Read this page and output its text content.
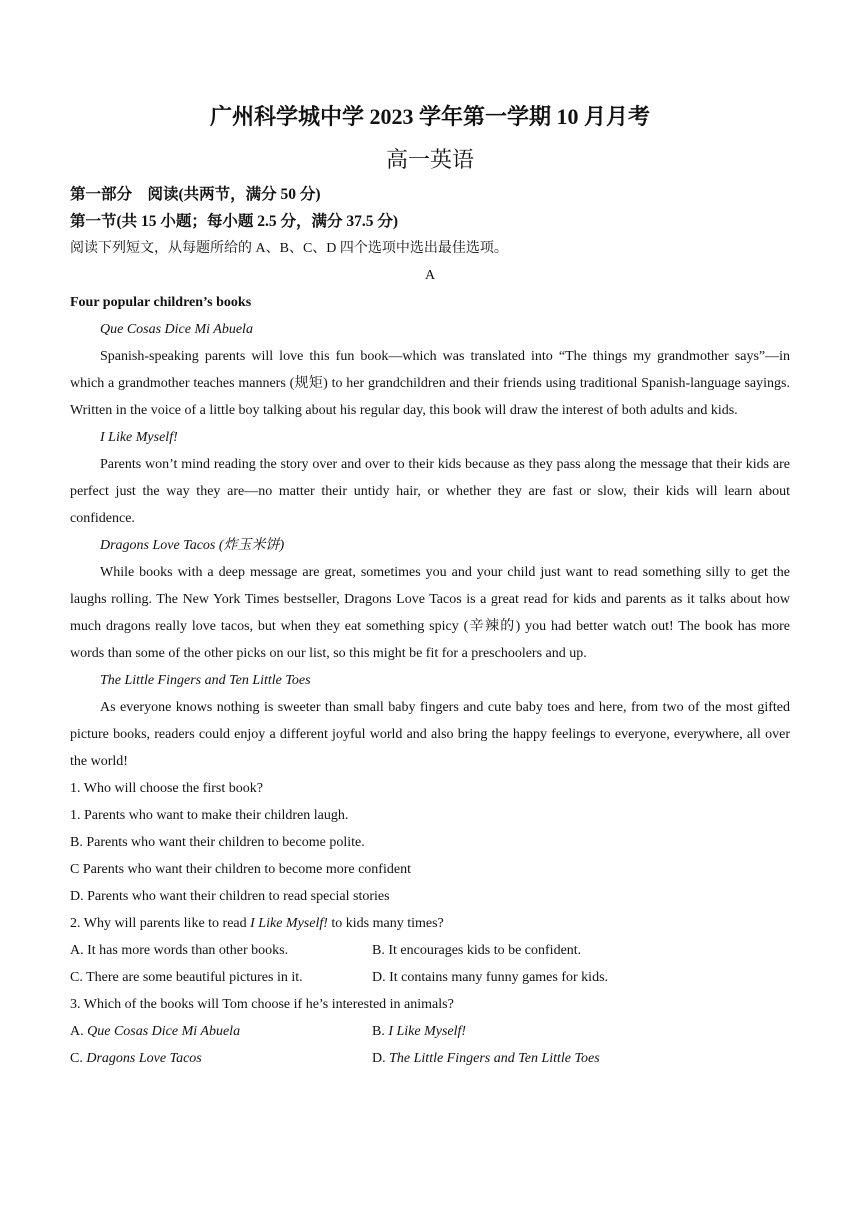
广州科学城中学 2023 学年第一学期 10 月月考
高一英语
第一部分　阅读(共两节，满分 50 分)
第一节(共 15 小题；每小题 2.5 分，满分 37.5 分)
阅读下列短文，从每题所给的 A、B、C、D 四个选项中选出最佳选项。
A
Four popular children’s books
Que Cosas Dice Mi Abuela
Spanish-speaking parents will love this fun book—which was translated into “The things my grandmother says”—in which a grandmother teaches manners (规矩) to her grandchildren and their friends using traditional Spanish-language sayings. Written in the voice of a little boy talking about his regular day, this book will draw the interest of both adults and kids.
I Like Myself!
Parents won’t mind reading the story over and over to their kids because as they pass along the message that their kids are perfect just the way they are—no matter their untidy hair, or whether they are fast or slow, their kids will learn about confidence.
Dragons Love Tacos (炸玉米饼)
While books with a deep message are great, sometimes you and your child just want to read something silly to get the laughs rolling. The New York Times bestseller, Dragons Love Tacos is a great read for kids and parents as it talks about how much dragons really love tacos, but when they eat something spicy (辛辣的) you had better watch out! The book has more words than some of the other picks on our list, so this might be fit for a preschoolers and up.
The Little Fingers and Ten Little Toes
As everyone knows nothing is sweeter than small baby fingers and cute baby toes and here, from two of the most gifted picture books, readers could enjoy a different joyful world and also bring the happy feelings to everyone, everywhere, all over the world!
1. Who will choose the first book?
1. Parents who want to make their children laugh.
B. Parents who want their children to become polite.
C Parents who want their children to become more confident
D. Parents who want their children to read special stories
2. Why will parents like to read I Like Myself! to kids many times?
A. It has more words than other books.	B. It encourages kids to be confident.
C. There are some beautiful pictures in it.	D. It contains many funny games for kids.
3. Which of the books will Tom choose if he’s interested in animals?
A. Que Cosas Dice Mi Abuela	B. I Like Myself!
C. Dragons Love Tacos	D. The Little Fingers and Ten Little Toes
